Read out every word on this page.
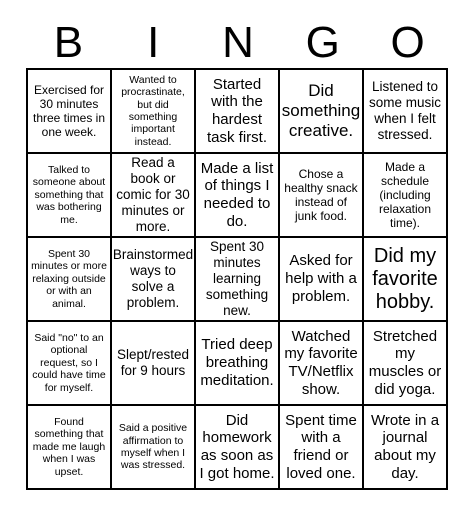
B	I	N	G	O
Exercised for 30 minutes three times in one week.
Wanted to procrastinate, but did something important instead.
Started with the hardest task first.
Did something creative.
Listened to some music when I felt stressed.
Talked to someone about something that was bothering me.
Read a book or comic for 30 minutes or more.
Made a list of things I needed to do.
Chose a healthy snack instead of junk food.
Made a schedule (including relaxation time).
Spent 30 minutes or more relaxing outside or with an animal.
Brainstormed ways to solve a problem.
Spent 30 minutes learning something new.
Asked for help with a problem.
Did my favorite hobby.
Said "no" to an optional request, so I could have time for myself.
Slept/rested for 9 hours
Tried deep breathing meditation.
Watched my favorite TV/Netflix show.
Stretched my muscles or did yoga.
Found something that made me laugh when I was upset.
Said a positive affirmation to myself when I was stressed.
Did homework as soon as I got home.
Spent time with a friend or loved one.
Wrote in a journal about my day.
